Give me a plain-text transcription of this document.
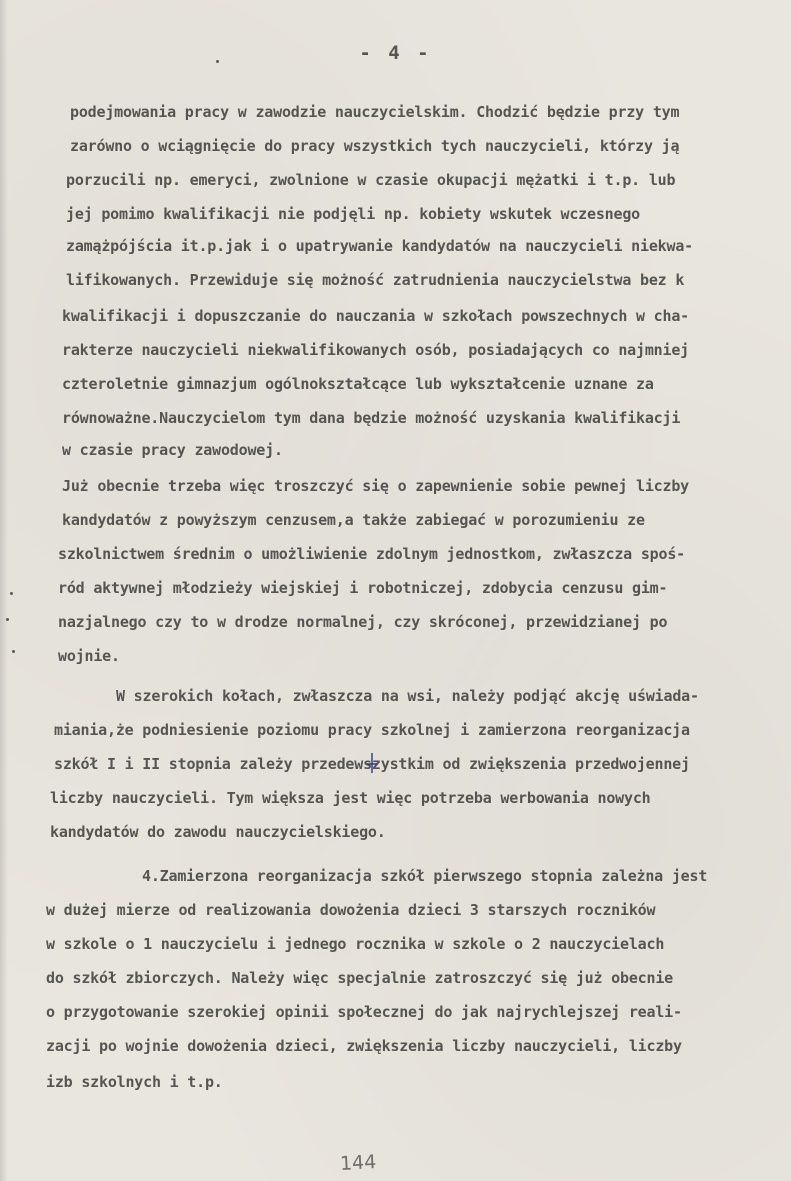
- 4 -
podejmowania pracy w zawodzie nauczycielskim. Chodzić będzie przy tym
zarówno o wciągnięcie do pracy wszystkich tych nauczycieli, którzy ją
porzucili np. emeryci, zwolnione w czasie okupacji mężatki i t.p. lub
jej pomimo kwalifikacji nie podjęli np. kobiety wskutek wczesnego
zamążpójścia it.p.jak i o upatrywanie kandydatów na nauczycieli niekwa-
lifikowanych. Przewiduje się możność zatrudnienia nauczycielstwa bez k
kwalifikacji i dopuszczanie do nauczania w szkołach powszechnych w cha-
rakterze nauczycieli niekwalifikowanych osób, posiadających co najmniej
czteroletnie gimnazjum ogólnokształcące lub wykształcenie uznane za
równoważne.Nauczycielom tym dana będzie możność uzyskania kwalifikacji
w czasie pracy zawodowej.
Już obecnie trzeba więc troszczyć się o zapewnienie sobie pewnej liczby
kandydatów z powyższym cenzusem,a także zabiegać w porozumieniu ze
szkolnictwem średnim o umożliwienie zdolnym jednostkom, zwłaszcza spoś-
ród aktywnej młodzieży wiejskiej i robotniczej, zdobycia cenzusu gim-
nazjalnego czy to w drodze normalnej, czy skróconej, przewidzianej po
wojnie.
W szerokich kołach, zwłaszcza na wsi, należy podjąć akcję uświada-
miania,że podniesienie poziomu pracy szkolnej i zamierzona reorganizacja
szkół I i II stopnia zależy przedewszystkim od zwiększenia przedwojennej
liczby nauczycieli. Tym większa jest więc potrzeba werbowania nowych
kandydatów do zawodu nauczycielskiego.
4.Zamierzona reorganizacja szkół pierwszego stopnia zależna jest
w dużej mierze od realizowania dowożenia dzieci 3 starszych roczników
w szkole o 1 nauczycielu i jednego rocznika w szkole o 2 nauczycielach
do szkół zbiorczych. Należy więc specjalnie zatroszczyć się już obecnie
o przygotowanie szerokiej opinii społecznej do jak najrychlejszej reali-
zacji po wojnie dowożenia dzieci, zwiększenia liczby nauczycieli, liczby
izb szkolnych i t.p.
144
